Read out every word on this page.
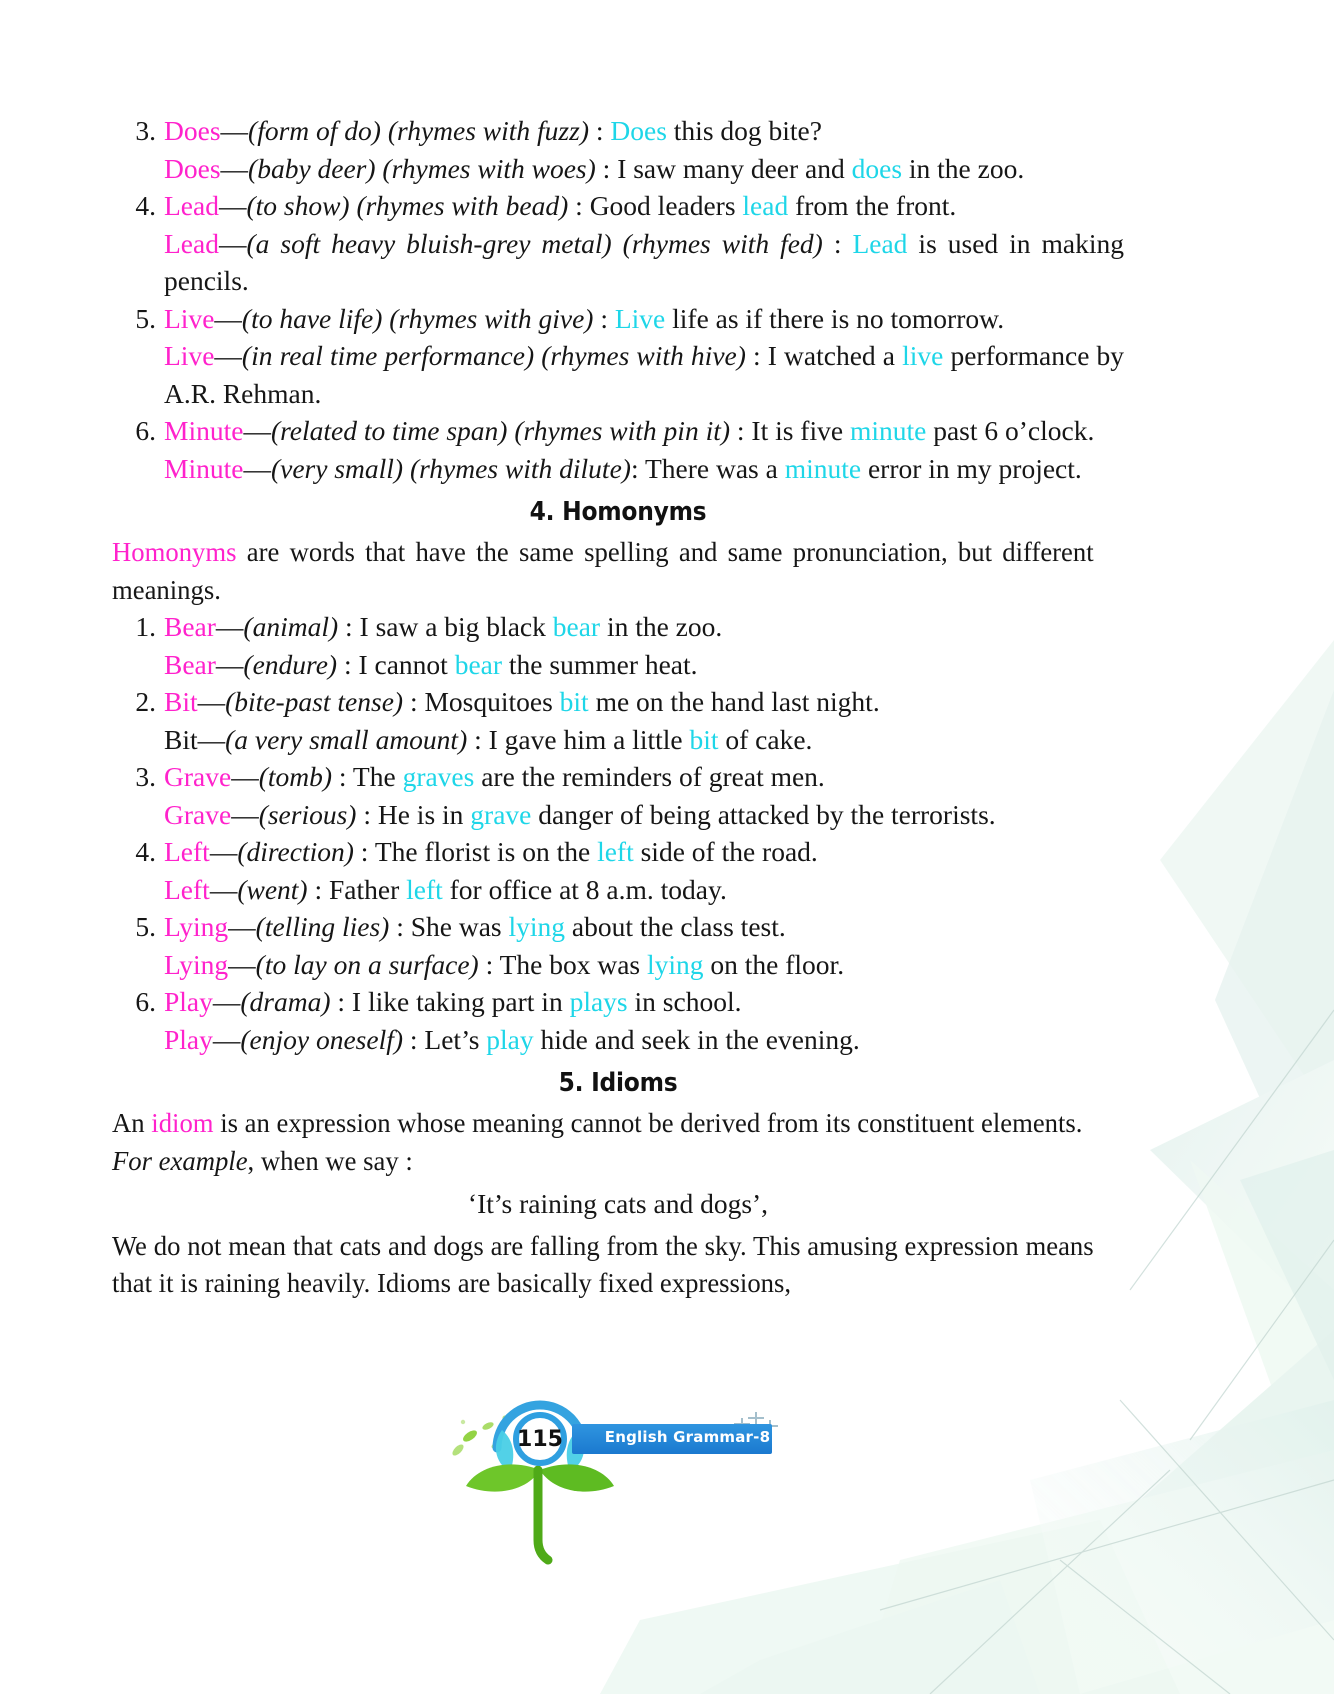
3. Does—(form of do) (rhymes with fuzz) : Does this dog bite?
Does—(baby deer) (rhymes with woes) : I saw many deer and does in the zoo.
4. Lead—(to show) (rhymes with bead) : Good leaders lead from the front.
Lead—(a soft heavy bluish-grey metal) (rhymes with fed) : Lead is used in making pencils.
5. Live—(to have life) (rhymes with give) : Live life as if there is no tomorrow.
Live—(in real time performance) (rhymes with hive) : I watched a live performance by A.R. Rehman.
6. Minute—(related to time span) (rhymes with pin it) : It is five minute past 6 o’clock.
Minute—(very small) (rhymes with dilute): There was a minute error in my project.
4. Homonyms
Homonyms are words that have the same spelling and same pronunciation, but different meanings.
1. Bear—(animal) : I saw a big black bear in the zoo.
Bear—(endure) : I cannot bear the summer heat.
2. Bit—(bite-past tense) : Mosquitoes bit me on the hand last night.
Bit—(a very small amount) : I gave him a little bit of cake.
3. Grave—(tomb) : The graves are the reminders of great men.
Grave—(serious) : He is in grave danger of being attacked by the terrorists.
4. Left—(direction) : The florist is on the left side of the road.
Left—(went) : Father left for office at 8 a.m. today.
5. Lying—(telling lies) : She was lying about the class test.
Lying—(to lay on a surface) : The box was lying on the floor.
6. Play—(drama) : I like taking part in plays in school.
Play—(enjoy oneself) : Let’s play hide and seek in the evening.
5. Idioms
An idiom is an expression whose meaning cannot be derived from its constituent elements.
For example, when we say :
‘It’s raining cats and dogs’,
We do not mean that cats and dogs are falling from the sky. This amusing expression means that it is raining heavily. Idioms are basically fixed expressions,
English Grammar-8
115
